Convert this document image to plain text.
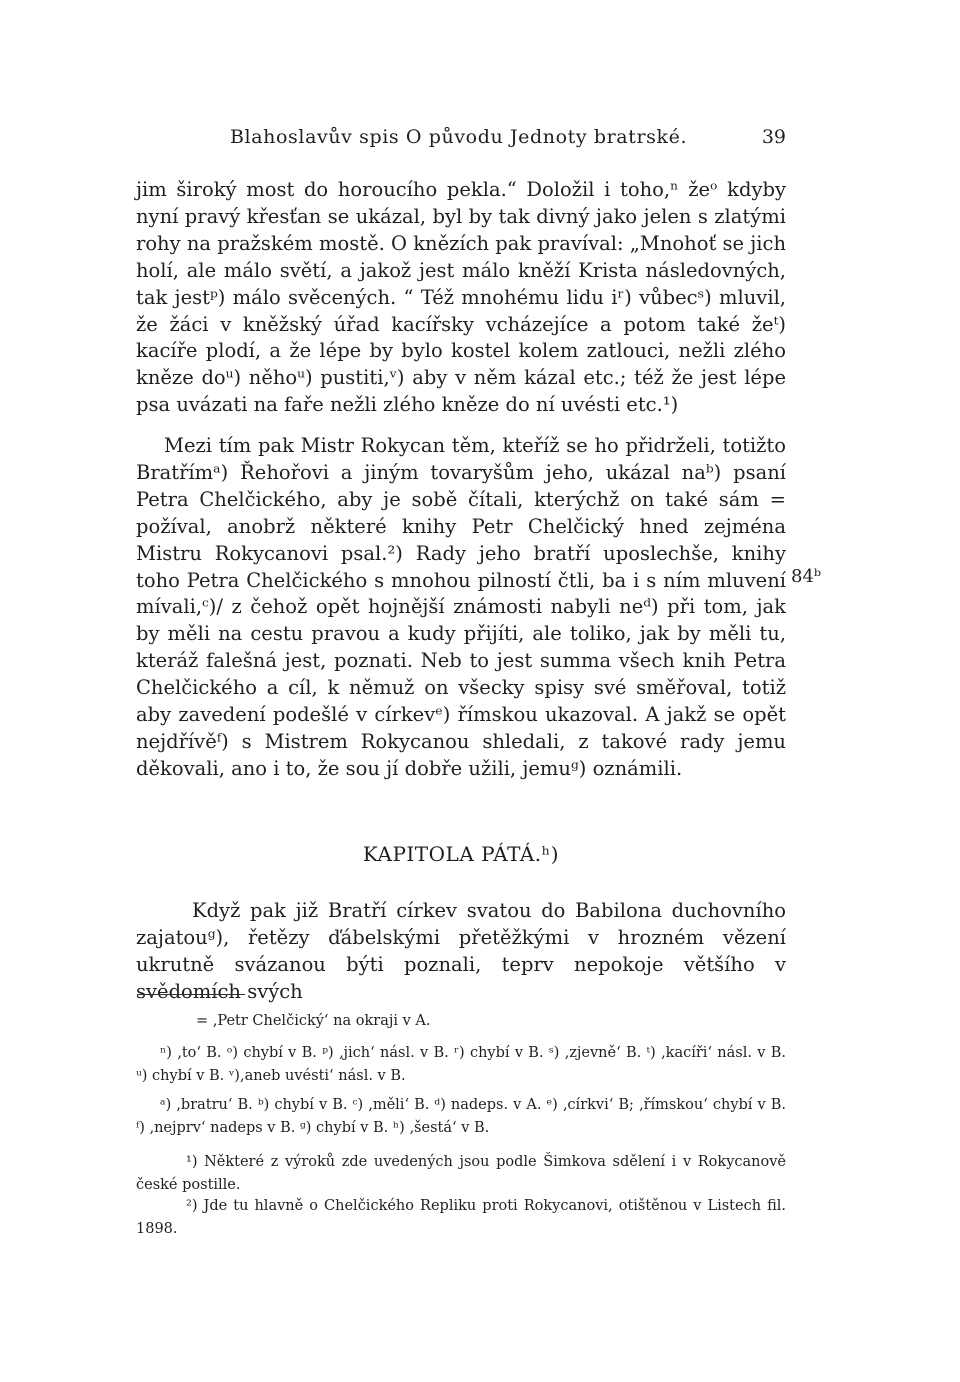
Blahoslavův spis O původu Jednoty bratrské.	39
jim široký most do horoucího pekla.“ Doložil i toho,ⁿ žeᵒ kdyby nyní pravý křesťan se ukázal, byl by tak divný jako jelen s zlatými rohy na pražském mostě. O knězích pak pravíval: „Mnohoť se jich holí, ale málo světí, a jakož jest málo kněží Krista následovných, tak jestᵖ) málo svěcených. “ Též mnohému lidu iʳ) vůbecˢ) mluvil, že žáci v kněžský úřad kacířsky vcházejíce a potom také žeᵗ) kacíře plodí, a že lépe by bylo kostel kolem zatlouci, nežli zlého kněze doᵘ) něhoᵘ) pustiti,ᵛ) aby v něm kázal etc.; též že jest lépe psa uvázati na faře nežli zlého kněze do ní uvésti etc.¹)
Mezi tím pak Mistr Rokycan těm, kteříž se ho přidrželi, totižto Bratřímᵃ) Řehořovi a jiným tovaryšům jeho, ukázal naᵇ) psaní Petra Chelčického, aby je sobě čítali, kterýchž on také sám = požíval, anobrž některé knihy Petr Chelčický hned zejména Mistru Rokycanovi psal.²) Rady jeho bratří uposlechše, knihy toho Petra Chelčického s mnohou pilností čtli, ba i s ním mluvení mívali,ᶜ)/ z čehož opět hojnější známosti nabyli neᵈ) při tom, jak by měli na cestu pravou a kudy přijíti, ale toliko, jak by měli tu, kteráž falešná jest, poznati. Neb to jest summa všech knih Petra Chelčického a cíl, k němuž on všecky spisy své směřoval, totiž aby zavedení podešlé v církevᵉ) římskou ukazoval. A jakž se opět nejdřívěᶠ) s Mistrem Rokycanou shledali, z takové rady jemu děkovali, ano i to, že sou jí dobře užili, jemuᵍ) oznámili.
84ᵇ
KAPITOLA PÁTÁ.ʰ)
Když pak již Bratří církev svatou do Babilona duchovního zajatouᵍ), řetězy ďábelskými přetěžkými v hrozném vězení ukrutně svázanou býti poznali, teprv nepokoje většího v svědomích svých
= ‚Petr Chelčický‘ na okraji v A.
ⁿ) ‚to‘ B. ᵒ) chybí v B. ᵖ) ‚jich‘ násl. v B. ʳ) chybí v B. ˢ) ‚zjevně‘ B. ᵗ) ‚kacíři‘ násl. v B. ᵘ) chybí v B. ᵛ),aneb uvésti‘ násl. v B.
ᵃ) ‚bratru‘ B. ᵇ) chybí v B. ᶜ) ‚měli‘ B. ᵈ) nadeps. v A. ᵉ) ‚církvi‘ B; ‚římskou‘ chybí v B. ᶠ) ‚nejprv‘ nadeps v B. ᵍ) chybí v B. ʰ) ‚šestá‘ v B.
¹) Některé z výroků zde uvedených jsou podle Šimkova sdělení i v Rokycanově české postille.
²) Jde tu hlavně o Chelčického Repliku proti Rokycanovi, otištěnou v Listech fil. 1898.
